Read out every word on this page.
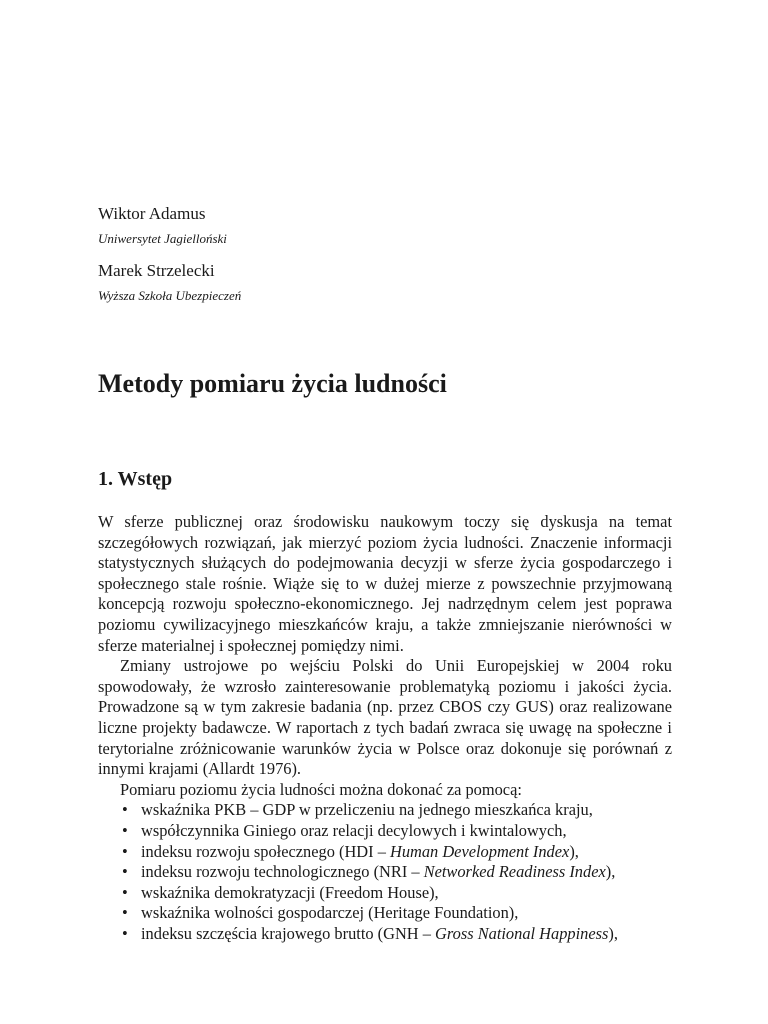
Wiktor Adamus
Uniwersytet Jagielloński
Marek Strzelecki
Wyższa Szkoła Ubezpieczeń
Metody pomiaru życia ludności
1. Wstęp

W sferze publicznej oraz środowisku naukowym toczy się dyskusja na temat szczegółowych rozwiązań, jak mierzyć poziom życia ludności. Znaczenie informacji statystycznych służących do podejmowania decyzji w sferze życia gospodarczego i społecznego stale rośnie. Wiąże się to w dużej mierze z powszechnie przyjmowaną koncepcją rozwoju społeczno-ekonomicznego. Jej nadrzędnym celem jest poprawa poziomu cywilizacyjnego mieszkańców kraju, a także zmniejszanie nierówności w sferze materialnej i społecznej pomiędzy nimi.

Zmiany ustrojowe po wejściu Polski do Unii Europejskiej w 2004 roku spowodowały, że wzrosło zainteresowanie problematyką poziomu i jakości życia. Prowadzone są w tym zakresie badania (np. przez CBOS czy GUS) oraz realizowane liczne projekty badawcze. W raportach z tych badań zwraca się uwagę na społeczne i terytorialne zróżnicowanie warunków życia w Polsce oraz dokonuje się porównań z innymi krajami (Allardt 1976).

Pomiaru poziomu życia ludności można dokonać za pomocą:

• wskaźnika PKB – GDP w przeliczeniu na jednego mieszkańca kraju,
• współczynnika Giniego oraz relacji decylowych i kwintalowych,
• indeksu rozwoju społecznego (HDI – Human Development Index),
• indeksu rozwoju technologicznego (NRI – Networked Readiness Index),
• wskaźnika demokratyzacji (Freedom House),
• wskaźnika wolności gospodarczej (Heritage Foundation),
• indeksu szczęścia krajowego brutto (GNH – Gross National Happiness),
